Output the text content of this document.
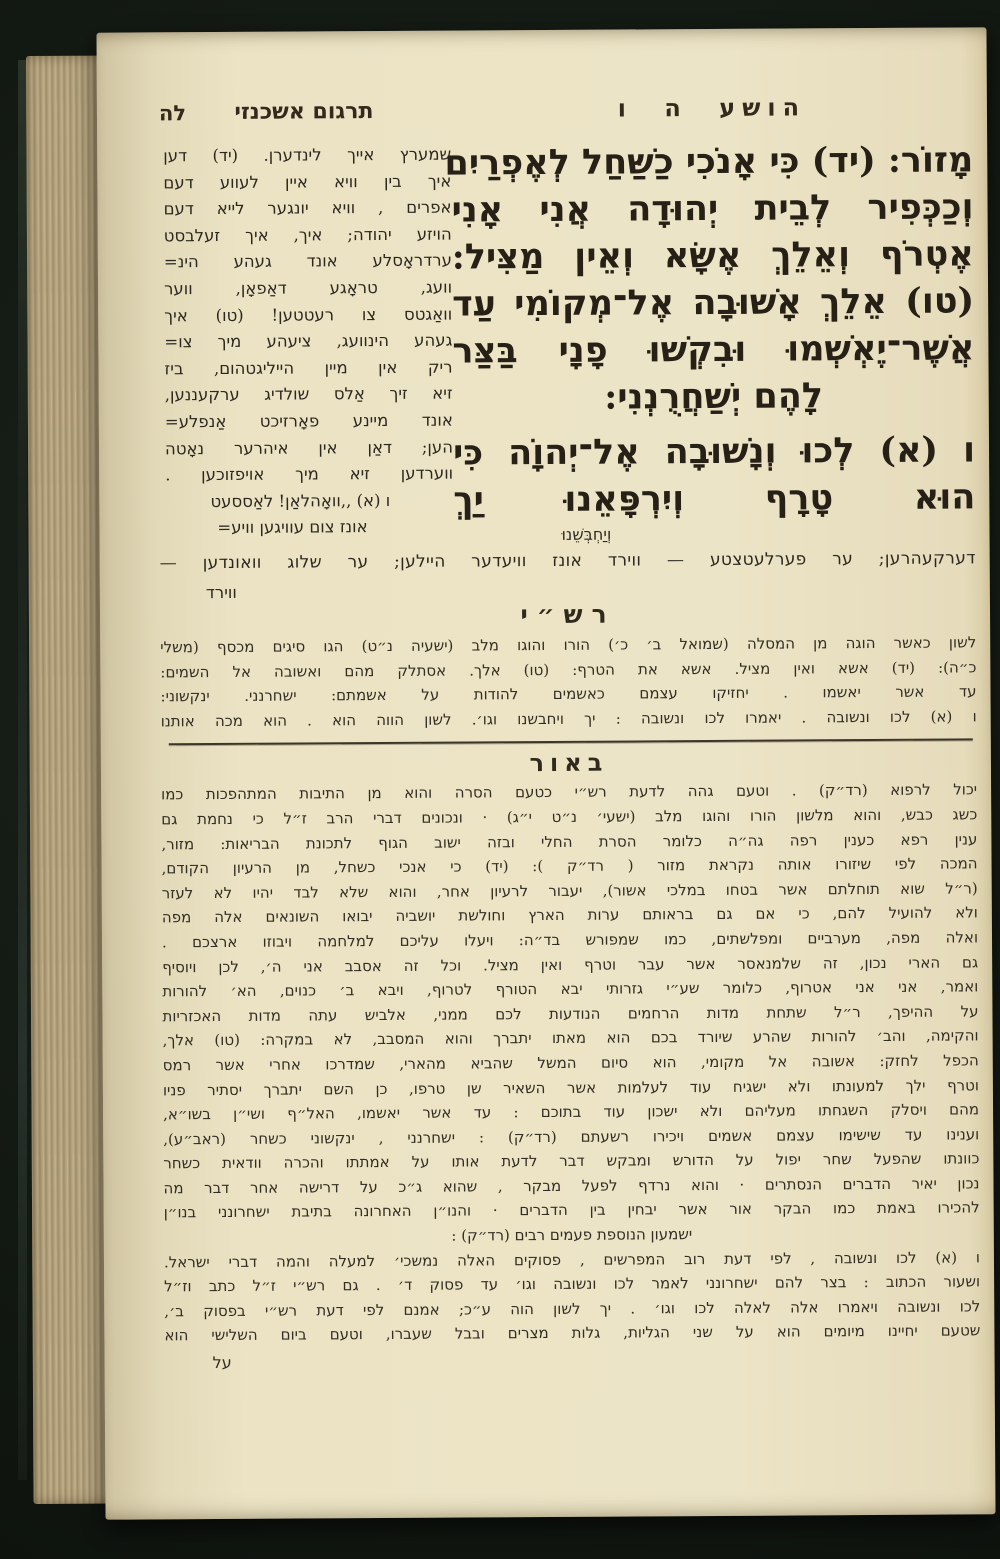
הושע ה ו
תרגום אשכנזי
לה
מָזוֹר: (יד) כִּי אָנֹכִי כַשַּׁחַל לְאֶפְרַיִם
וְכַכְּפִיר לְבֵית יְהוּדָה אֲנִי אָנִי
אֶטְרֹף וְאֵלֵךְ אֶשָּׂא וְאֵין מַצִּיל:
(טו) אֵלֵךְ אָשׁוּבָה אֶל־מְקוֹמִי עַד
אֲשֶׁר־יֶאְשְׁמוּ וּבִקְשׁוּ פָנָי בַּצַּר
לָהֶם יְשַׁחֲרֻנְנִי:
ו (א) לְכוּ וְנָשׁוּבָה אֶל־יְהוָֹה כִּי
הוּא טָרָף וְיִרְפָּאֵנוּ יַךְ
וְיַחְבְּשֵׁנוּ
שמערץ אייך לינדערן. (יד) דען
איך בין וויא איין לעווע דעם
אפרים , וויא יונגער לייא דעם
הויזע יהודה; איך, איך זעלבסט
ערדראָסלע אונד געהע הינ=
וועג, טראָגע דאַפאָן, ווער
וואַגטס צו רעטטען! (טו) איך
געהע הינוועג, ציעהע מיך צו=
ריק אין מיין הייליגטהום, ביז
זיא זיך אַלס שולדיג ערקעננען,
אונד מיינע פאָרזיכט אַנפלע=
הען; דאַן אין איהרער נאָטה
ווערדען זיא מיך אויפזוכען .
ו (א) ,,וואָהלאַן! לאַססעט
אונז צום עוויגען וויע=
דערקעהרען; ער פערלעטצטע — ווירד אונז וויעדער היילען; ער שלוג וואונדען —
ווירד
רש״י
לשון כאשר הוגה מן המסלה (שמואל ב׳ כ׳) הורו והוגו מלב (ישעיה נ״ט) הגו סיגים מכסף (משלי
כ״ה): (יד) אשא ואין מציל. אשא את הטרף: (טו) אלך. אסתלק מהם ואשובה אל השמים:
עד אשר יאשמו . יחזיקו עצמם כאשמים להודות על אשמתם: ישחרנני. ינקשוני:
ו (א) לכו ונשובה . יאמרו לכו ונשובה : יך ויחבשנו וגו׳. לשון הווה הוא . הוא מכה אותנו
באור
יכול לרפוא (רד״ק) . וטעם גהה לדעת רש״י כטעם הסרה והוא מן התיבות המתהפכות כמו
כשג כבש, והוא מלשון הורו והוגו מלב (ישעי׳ נ״ט י״ג) · ונכונים דברי הרב ז״ל כי נחמת גם
ענין רפא כענין רפה גה״ה כלומר הסרת החלי ובזה ישוב הגוף לתכונת הבריאות: מזור,
המכה לפי שיזורו אותה נקראת מזור ( רד״ק ): (יד) כי אנכי כשחל, מן הרעיון הקודם,
(ר״ל שוא תוחלתם אשר בטחו במלכי אשור), יעבור לרעיון אחר, והוא שלא לבד יהיו לא לעזר
ולא להועיל להם, כי אם גם בראותם ערות הארץ וחולשת יושביה יבואו השונאים אלה מפה
ואלה מפה, מערביים ומפלשתים, כמו שמפורש בד״ה: ויעלו עליכם למלחמה ויבוזו ארצכם .
גם הארי נכון, זה שלמנאסר אשר עבר וטרף ואין מציל. וכל זה אסבב אני ה׳, לכן ויוסיף
ואמר, אני אני אטרוף, כלומר שע״י גזרותי יבא הטורף לטרוף, ויבא ב׳ כנוים, הא׳ להורות
על ההיפך, ר״ל שתחת מדות הרחמים הנודעות לכם ממני, אלביש עתה מדות האכזריות
והקימה, והב׳ להורות שהרע שיורד בכם הוא מאתו יתברך והוא המסבב, לא במקרה: (טו) אלך,
הכפל לחזק: אשובה אל מקומי, הוא סיום המשל שהביא מהארי, שמדרכו אחרי אשר רמס
וטרף ילך למעונתו ולא ישגיח עוד לעלמות אשר השאיר שן טרפו, כן השם יתברך יסתיר פניו
מהם ויסלק השגחתו מעליהם ולא ישכון עוד בתוכם : עד אשר יאשמו, האל״ף ושי״ן בשו״א,
וענינו עד שישימו עצמם אשמים ויכירו רשעתם (רד״ק) : ישחרנני , ינקשוני כשחר (ראב״ע),
כוונתו שהפעל שחר יפול על הדורש ומבקש דבר לדעת אותו על אמתתו והכרה וודאית כשחר
נכון יאיר הדברים הנסתרים · והוא נרדף לפעל מבקר , שהוא ג״כ על דרישה אחר דבר מה
להכירו באמת כמו הבקר אור אשר יבחין בין הדברים · והנו״ן האחרונה בתיבת ישחרונני בנו״ן
ישמעון הנוספת פעמים רבים (רד״ק) :
ו (א) לכו ונשובה , לפי דעת רוב המפרשים , פסוקים האלה נמשכי׳ למעלה והמה דברי ישראל.
ושעור הכתוב : בצר להם ישחרונני לאמר לכו ונשובה וגו׳ עד פסוק ד׳ . גם רש״י ז״ל כתב וז״ל
לכו ונשובה ויאמרו אלה לאלה לכו וגו׳ . יך לשון הוה ע״כ; אמנם לפי דעת רש״י בפסוק ב׳,
שטעם יחיינו מיומים הוא על שני הגליות, גלות מצרים ובבל שעברו, וטעם ביום השלישי הוא
על
